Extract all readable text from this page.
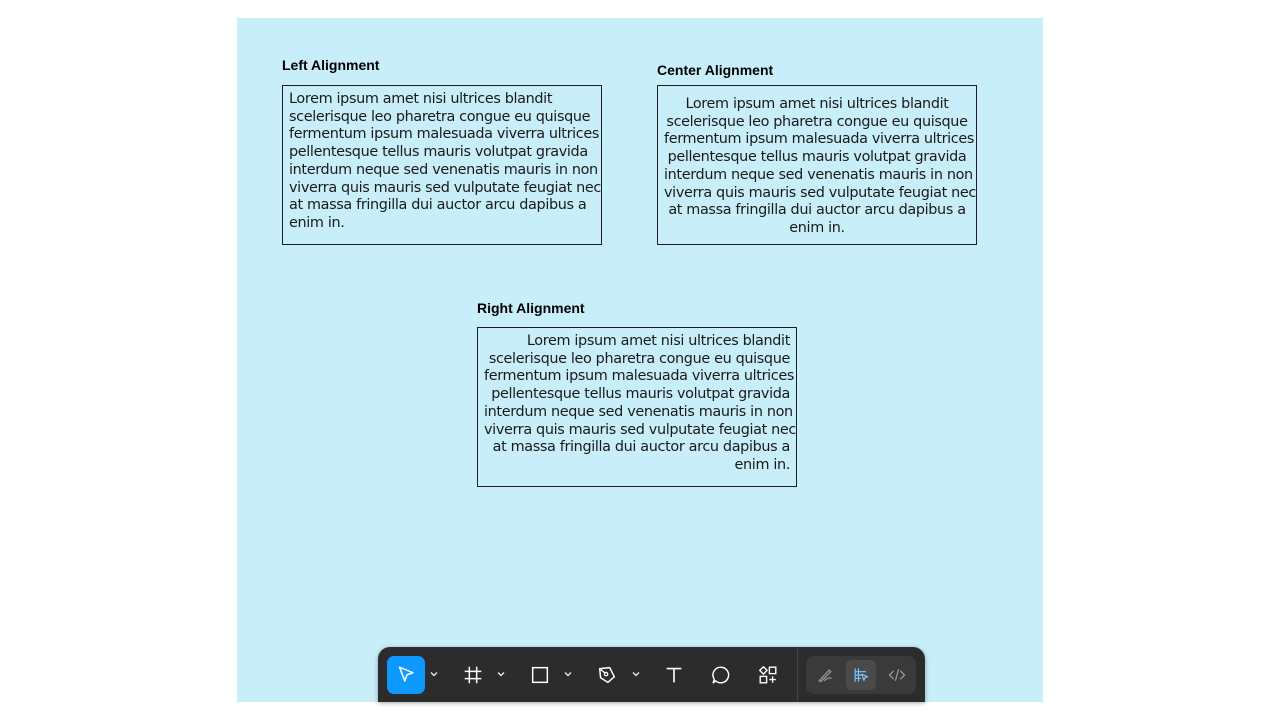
Left Alignment
Lorem ipsum amet nisi ultrices blandit
scelerisque leo pharetra congue eu quisque
fermentum ipsum malesuada viverra ultrices
pellentesque tellus mauris volutpat gravida
interdum neque sed venenatis mauris in non
viverra quis mauris sed vulputate feugiat nec
at massa fringilla dui auctor arcu dapibus a
enim in.
Center Alignment
Lorem ipsum amet nisi ultrices blandit
scelerisque leo pharetra congue eu quisque
fermentum ipsum malesuada viverra ultrices
pellentesque tellus mauris volutpat gravida
interdum neque sed venenatis mauris in non
viverra quis mauris sed vulputate feugiat nec
at massa fringilla dui auctor arcu dapibus a
enim in.
Right Alignment
Lorem ipsum amet nisi ultrices blandit
scelerisque leo pharetra congue eu quisque
fermentum ipsum malesuada viverra ultrices
pellentesque tellus mauris volutpat gravida
interdum neque sed venenatis mauris in non
viverra quis mauris sed vulputate feugiat nec
at massa fringilla dui auctor arcu dapibus a
enim in.
